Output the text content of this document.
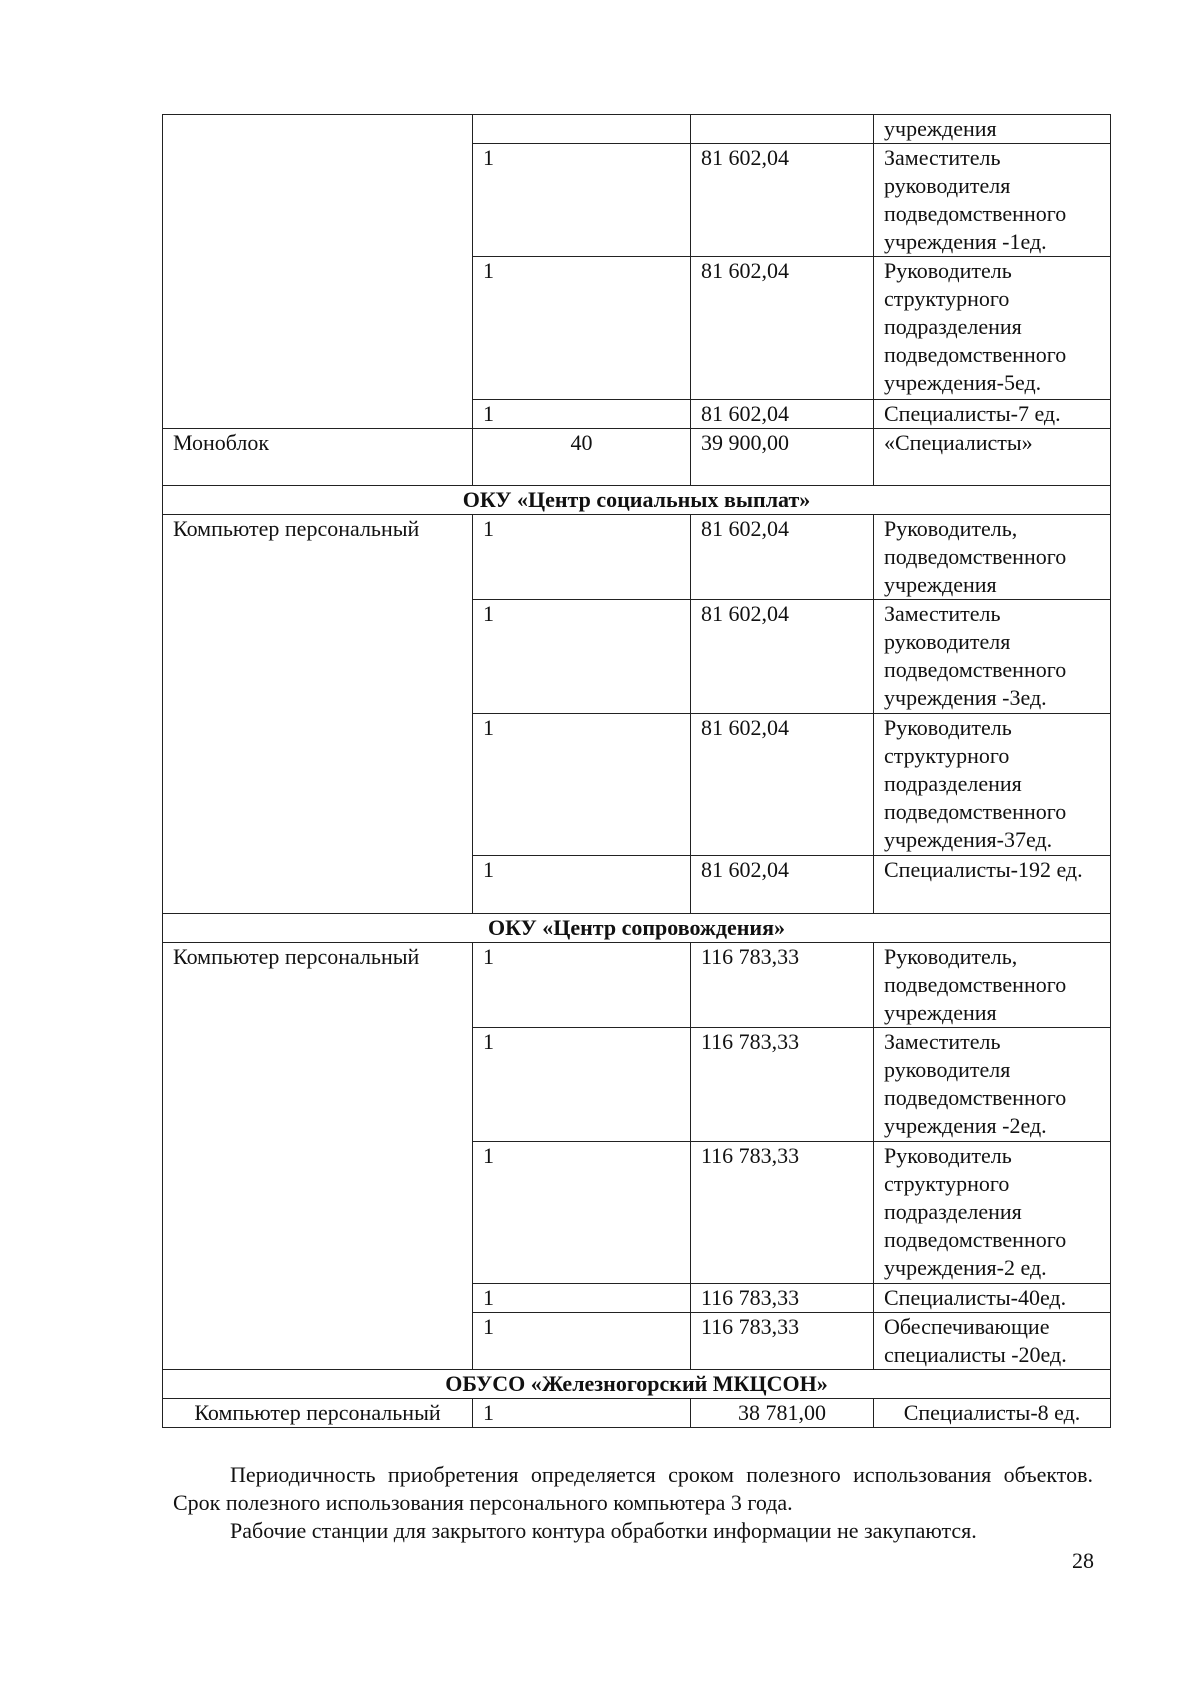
			учреждения
	1	81 602,04	Заместитель руководителя подведомственного учреждения -1ед.
	1	81 602,04	Руководитель структурного подразделения подведомственного учреждения-5ед.
	1	81 602,04	Специалисты-7 ед.
Моноблок	40	39 900,00	«Специалисты»
ОКУ «Центр социальных выплат»			
Компьютер персональный	1	81 602,04	Руководитель, подведомственного учреждения
	1	81 602,04	Заместитель руководителя подведомственного учреждения -3ед.
	1	81 602,04	Руководитель структурного подразделения подведомственного учреждения-37ед.
	1	81 602,04	Специалисты-192 ед.
ОКУ «Центр сопровождения»			
Компьютер персональный	1	116 783,33	Руководитель, подведомственного учреждения
	1	116 783,33	Заместитель руководителя подведомственного учреждения -2ед.
	1	116 783,33	Руководитель структурного подразделения подведомственного учреждения-2 ед.
	1	116 783,33	Специалисты-40ед.
	1	116 783,33	Обеспечивающие специалисты -20ед.
ОБУСО «Железногорский МКЦСОН»			
Компьютер персональный	1	38 781,00	Специалисты-8 ед.

Периодичность приобретения определяется сроком полезного использования объектов. Срок полезного использования персонального компьютера 3 года.

Рабочие станции для закрытого контура обработки информации не закупаются.

28
